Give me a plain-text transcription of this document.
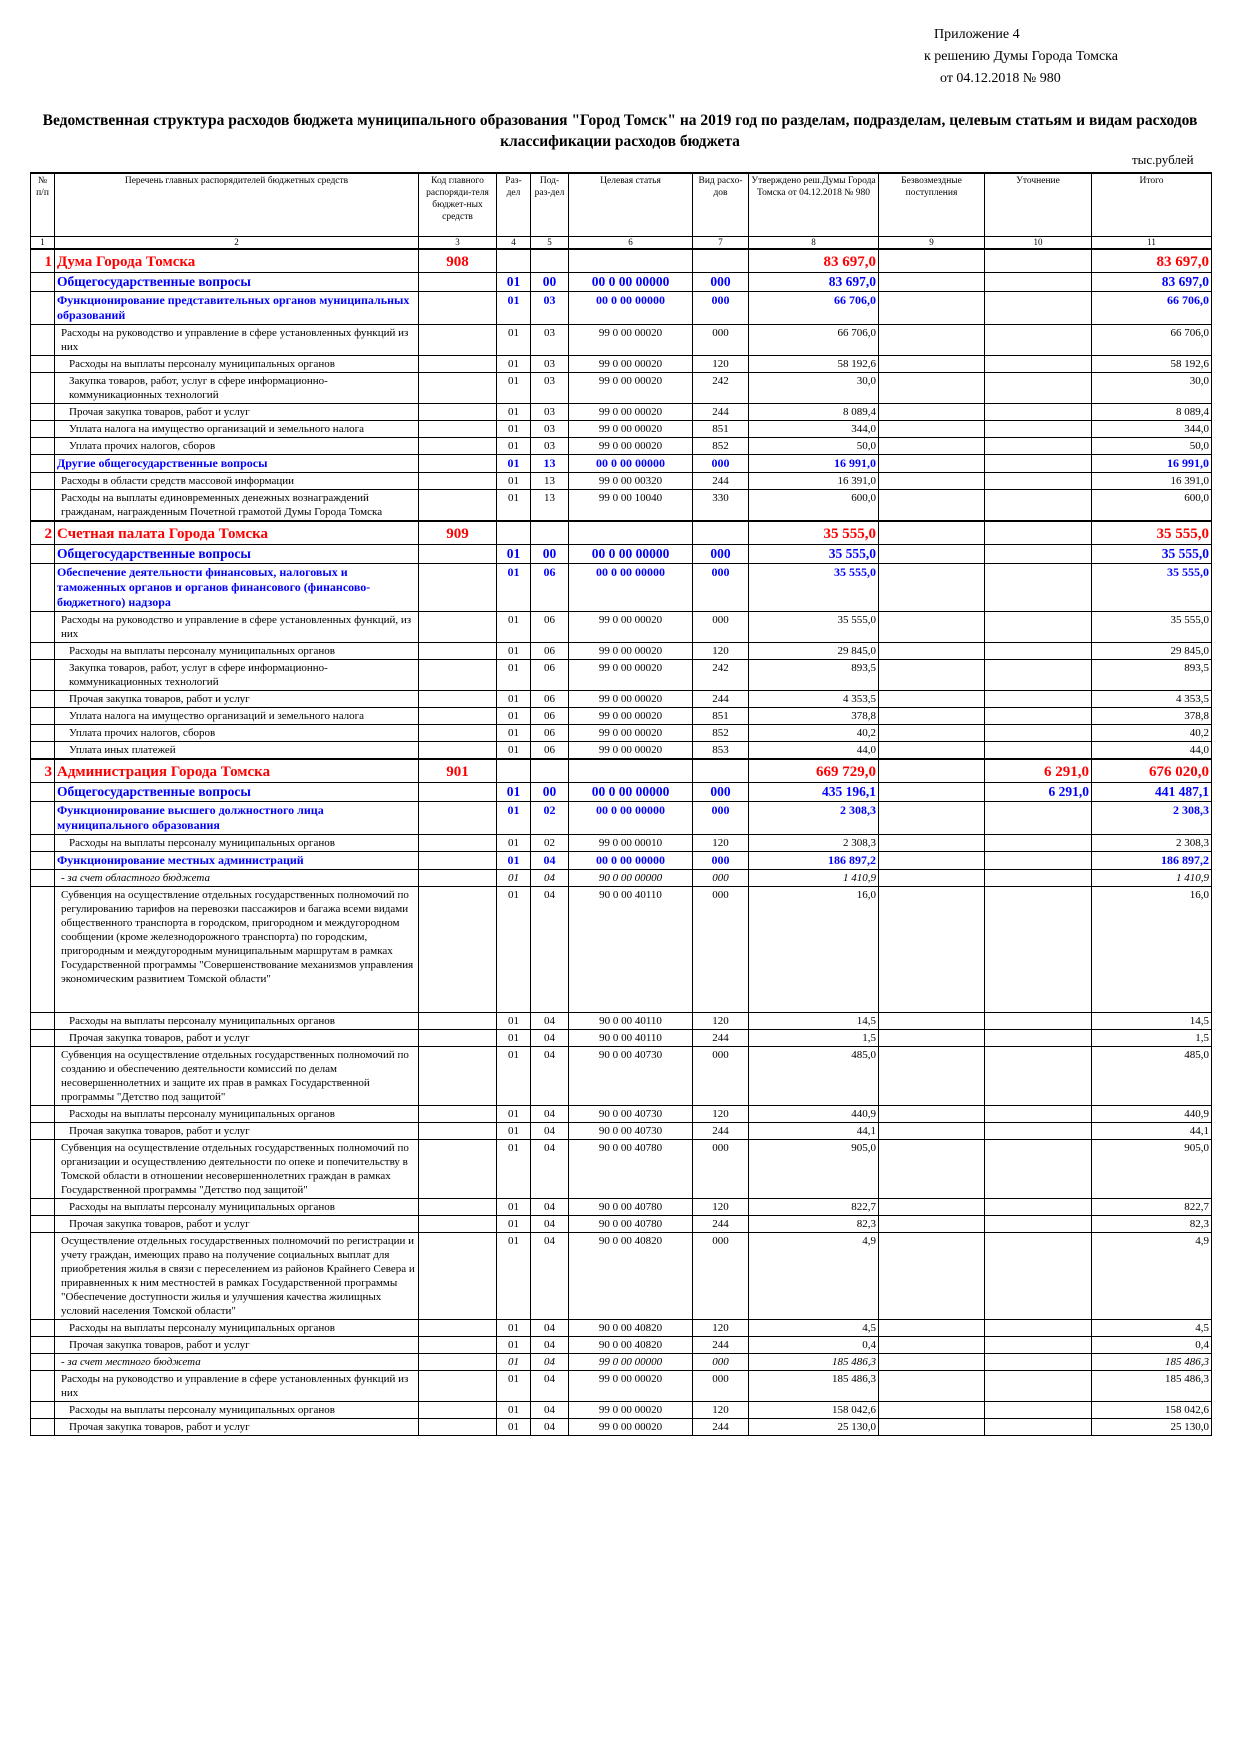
Приложение 4
к решению Думы Города Томска
от 04.12.2018 № 980
Ведомственная структура расходов бюджета муниципального образования "Город Томск" на 2019 год по разделам, подразделам, целевым статьям и видам расходов классификации расходов бюджета
тыс.рублей
№ п/п	Перечень главных распорядителей бюджетных средств	Код главного распоряди-теля бюджет-ных средств	Раз-дел	Под-раз-дел	Целевая статья	Вид расхо-дов	Утверждено реш.Думы Города Томска от 04.12.2018 № 980	Безвозмездные поступления	Уточнение	Итого
1	2	3	4	5	6	7	8	9	10	11
1	Дума Города Томска	908					83 697,0			83 697,0
	Общегосударственные вопросы		01	00	00 0 00 00000	000	83 697,0			83 697,0
	Функционирование представительных органов муниципальных образований		01	03	00 0 00 00000	000	66 706,0			66 706,0
	Расходы на руководство и управление в сфере установленных функций из них		01	03	99 0 00 00020	000	66 706,0			66 706,0
	Расходы на выплаты персоналу муниципальных органов		01	03	99 0 00 00020	120	58 192,6			58 192,6
	Закупка товаров, работ, услуг в сфере информационно-коммуникационных технологий		01	03	99 0 00 00020	242	30,0			30,0
	Прочая закупка товаров, работ и услуг		01	03	99 0 00 00020	244	8 089,4			8 089,4
	Уплата налога на имущество организаций и земельного налога		01	03	99 0 00 00020	851	344,0			344,0
	Уплата прочих налогов, сборов		01	03	99 0 00 00020	852	50,0			50,0
	Другие общегосударственные вопросы		01	13	00 0 00 00000	000	16 991,0			16 991,0
	Расходы в области средств массовой информации		01	13	99 0 00 00320	244	16 391,0			16 391,0
	Расходы на выплаты единовременных денежных вознаграждений гражданам, награжденным Почетной грамотой Думы Города Томска		01	13	99 0 00 10040	330	600,0			600,0
2	Счетная палата Города Томска	909					35 555,0			35 555,0
	Общегосударственные вопросы		01	00	00 0 00 00000	000	35 555,0			35 555,0
	Обеспечение деятельности финансовых, налоговых и таможенных органов и органов финансового (финансово-бюджетного) надзора		01	06	00 0 00 00000	000	35 555,0			35 555,0
	Расходы на руководство и управление в сфере установленных функций, из них		01	06	99 0 00 00020	000	35 555,0			35 555,0
	Расходы на выплаты персоналу муниципальных органов		01	06	99 0 00 00020	120	29 845,0			29 845,0
	Закупка товаров, работ, услуг в сфере информационно-коммуникационных технологий		01	06	99 0 00 00020	242	893,5			893,5
	Прочая закупка товаров, работ и услуг		01	06	99 0 00 00020	244	4 353,5			4 353,5
	Уплата налога на имущество организаций и земельного налога		01	06	99 0 00 00020	851	378,8			378,8
	Уплата прочих налогов, сборов		01	06	99 0 00 00020	852	40,2			40,2
	Уплата иных платежей		01	06	99 0 00 00020	853	44,0			44,0
3	Администрация Города Томска	901					669 729,0		6 291,0	676 020,0
	Общегосударственные вопросы		01	00	00 0 00 00000	000	435 196,1		6 291,0	441 487,1
	Функционирование высшего должностного лица муниципального образования		01	02	00 0 00 00000	000	2 308,3			2 308,3
	Расходы на выплаты персоналу муниципальных органов		01	02	99 0 00 00010	120	2 308,3			2 308,3
	Функционирование местных администраций		01	04	00 0 00 00000	000	186 897,2			186 897,2
	- за счет областного бюджета		01	04	90 0 00 00000	000	1 410,9			1 410,9
	Субвенция на осуществление отдельных государственных полномочий по регулированию тарифов на перевозки пассажиров и багажа всеми видами общественного транспорта в городском, пригородном и междугородном сообщении (кроме железнодорожного транспорта) по городским, пригородным и междугородным муниципальным маршрутам в рамках Государственной программы "Совершенствование механизмов управления экономическим развитием Томской области"		01	04	90 0 00 40110	000	16,0			16,0
	Расходы на выплаты персоналу муниципальных органов		01	04	90 0 00 40110	120	14,5			14,5
	Прочая закупка товаров, работ и услуг		01	04	90 0 00 40110	244	1,5			1,5
	Субвенция на осуществление отдельных государственных полномочий по созданию и обеспечению деятельности комиссий по делам несовершеннолетних и защите их прав в рамках Государственной программы "Детство под защитой"		01	04	90 0 00 40730	000	485,0			485,0
	Расходы на выплаты персоналу муниципальных органов		01	04	90 0 00 40730	120	440,9			440,9
	Прочая закупка товаров, работ и услуг		01	04	90 0 00 40730	244	44,1			44,1
	Субвенция на осуществление отдельных государственных полномочий по организации и осуществлению деятельности по опеке и попечительству в Томской области в отношении несовершеннолетних граждан в рамках Государственной программы "Детство под защитой"		01	04	90 0 00 40780	000	905,0			905,0
	Расходы на выплаты персоналу муниципальных органов		01	04	90 0 00 40780	120	822,7			822,7
	Прочая закупка товаров, работ и услуг		01	04	90 0 00 40780	244	82,3			82,3
	Осуществление отдельных государственных полномочий по регистрации и учету граждан, имеющих право на получение социальных выплат для приобретения жилья в связи с переселением из районов Крайнего Севера и приравненных к ним местностей в рамках Государственной программы "Обеспечение доступности жилья и улучшения качества жилищных условий населения Томской области"		01	04	90 0 00 40820	000	4,9			4,9
	Расходы на выплаты персоналу муниципальных органов		01	04	90 0 00 40820	120	4,5			4,5
	Прочая закупка товаров, работ и услуг		01	04	90 0 00 40820	244	0,4			0,4
	- за счет местного бюджета		01	04	99 0 00 00000	000	185 486,3			185 486,3
	Расходы на руководство и управление в сфере установленных функций из них		01	04	99 0 00 00020	000	185 486,3			185 486,3
	Расходы на выплаты персоналу муниципальных органов		01	04	99 0 00 00020	120	158 042,6			158 042,6
	Прочая закупка товаров, работ и услуг		01	04	99 0 00 00020	244	25 130,0			25 130,0
